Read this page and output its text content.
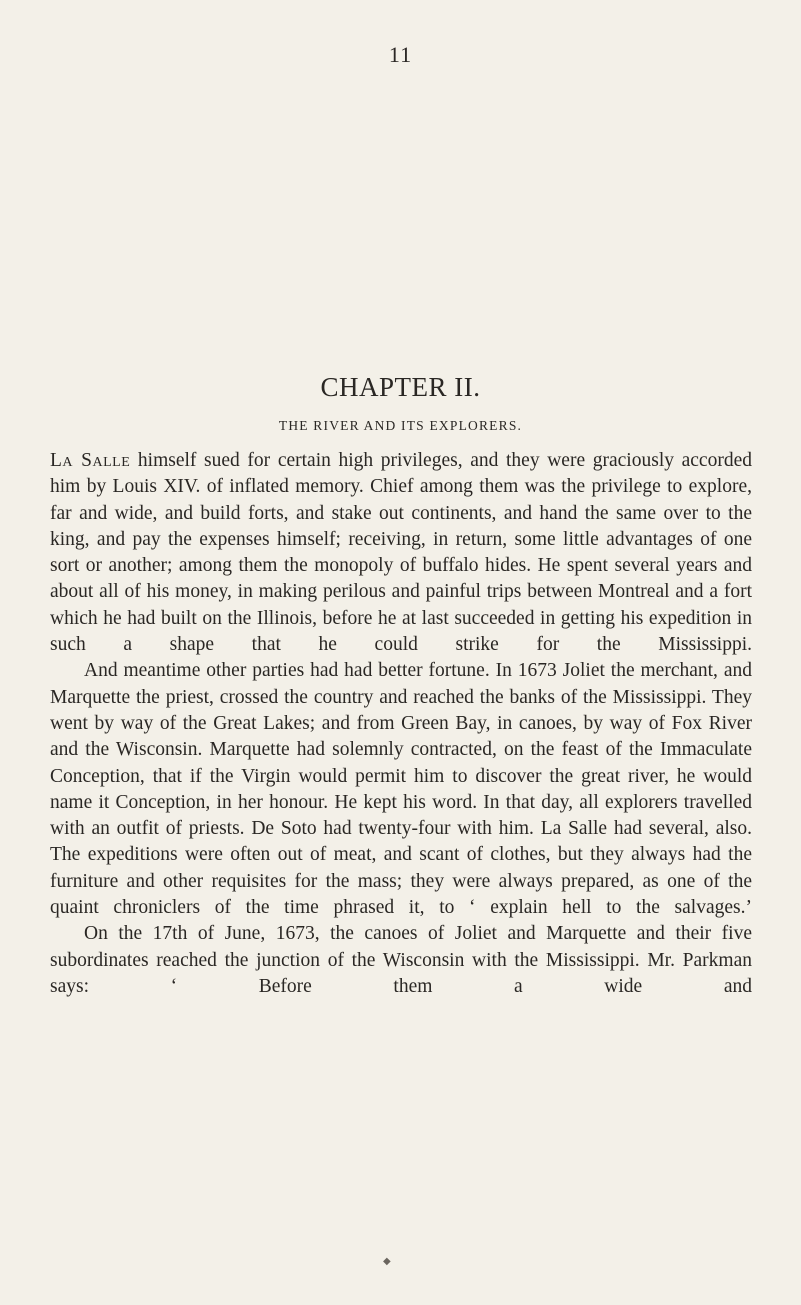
11
CHAPTER II.
THE RIVER AND ITS EXPLORERS.

La Salle himself sued for certain high privileges, and they were graciously accorded him by Louis XIV. of inflated memory. Chief among them was the privilege to explore, far and wide, and build forts, and stake out continents, and hand the same over to the king, and pay the expenses himself; receiving, in return, some little advantages of one sort or another; among them the monopoly of buffalo hides. He spent several years and about all of his money, in making perilous and painful trips between Montreal and a fort which he had built on the Illinois, before he at last succeeded in getting his expedition in such a shape that he could strike for the Mississippi.

And meantime other parties had had better fortune. In 1673 Joliet the merchant, and Marquette the priest, crossed the country and reached the banks of the Mississippi. They went by way of the Great Lakes; and from Green Bay, in canoes, by way of Fox River and the Wisconsin. Marquette had solemnly contracted, on the feast of the Immaculate Conception, that if the Virgin would permit him to discover the great river, he would name it Conception, in her honour. He kept his word. In that day, all explorers travelled with an outfit of priests. De Soto had twenty-four with him. La Salle had several, also. The expeditions were often out of meat, and scant of clothes, but they always had the furniture and other requisites for the mass; they were always prepared, as one of the quaint chroniclers of the time phrased it, to ‘ explain hell to the salvages.’

On the 17th of June, 1673, the canoes of Joliet and Marquette and their five subordinates reached the junction of the Wisconsin with the Mississippi. Mr. Parkman says: ‘ Before them a wide and

◆
